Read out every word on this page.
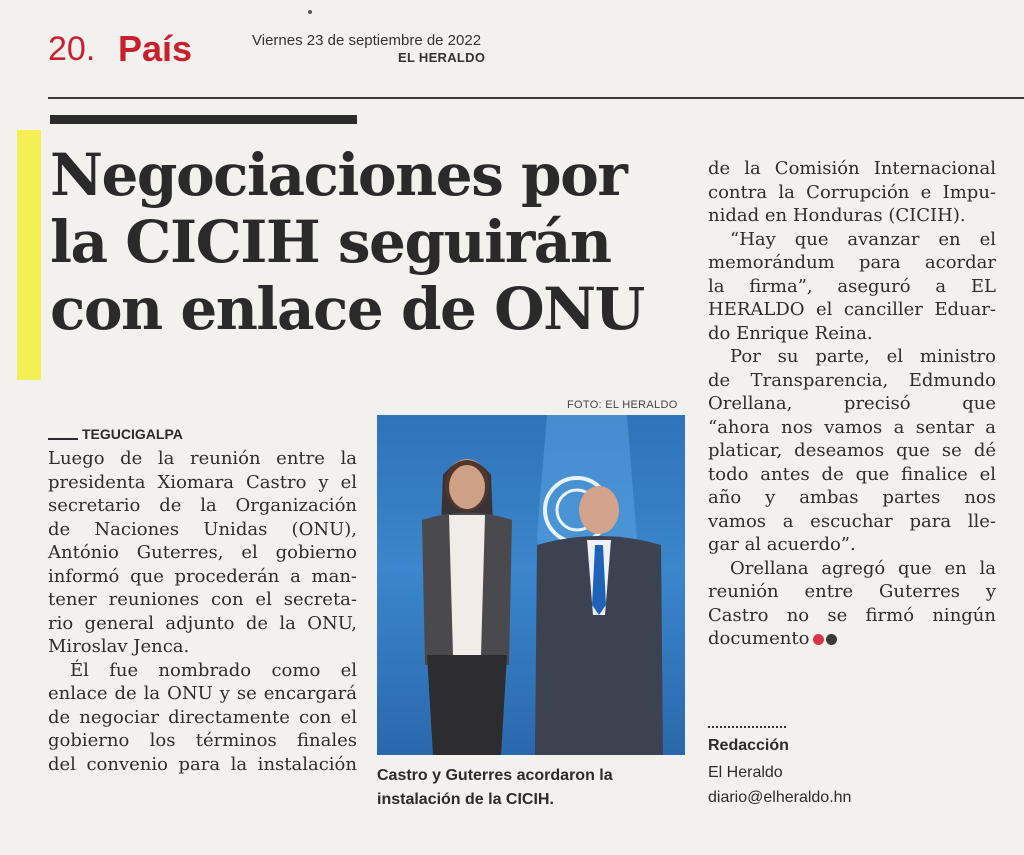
20. País	Viernes 23 de septiembre de 2022
EL HERALDO
Negociaciones por
la CICIH seguirán
con enlace de ONU
TEGUCIGALPA
Luego de la reunión entre la
presidenta Xiomara Castro y el
secretario de la Organización
de Naciones Unidas (ONU),
António Guterres, el gobierno
informó que procederán a man-
tener reuniones con el secreta-
rio general adjunto de la ONU,
Miroslav Jenca.
Él fue nombrado como el
enlace de la ONU y se encargará
de negociar directamente con el
gobierno los términos finales
del convenio para la instalación
FOTO: EL HERALDO
Castro y Guterres acordaron la
instalación de la CICIH.
de la Comisión Internacional
contra la Corrupción e Impu-
nidad en Honduras (CICIH).
“Hay que avanzar en el
memorándum para acordar
la firma”, aseguró a EL
HERALDO el canciller Eduar-
do Enrique Reina.
Por su parte, el ministro
de Transparencia, Edmundo
Orellana, precisó que
“ahora nos vamos a sentar a
platicar, deseamos que se dé
todo antes de que finalice el
año y ambas partes nos
vamos a escuchar para lle-
gar al acuerdo”.
Orellana agregó que en la
reunión entre Guterres y
Castro no se firmó ningún
documento
Redacción
El Heraldo
diario@elheraldo.hn
